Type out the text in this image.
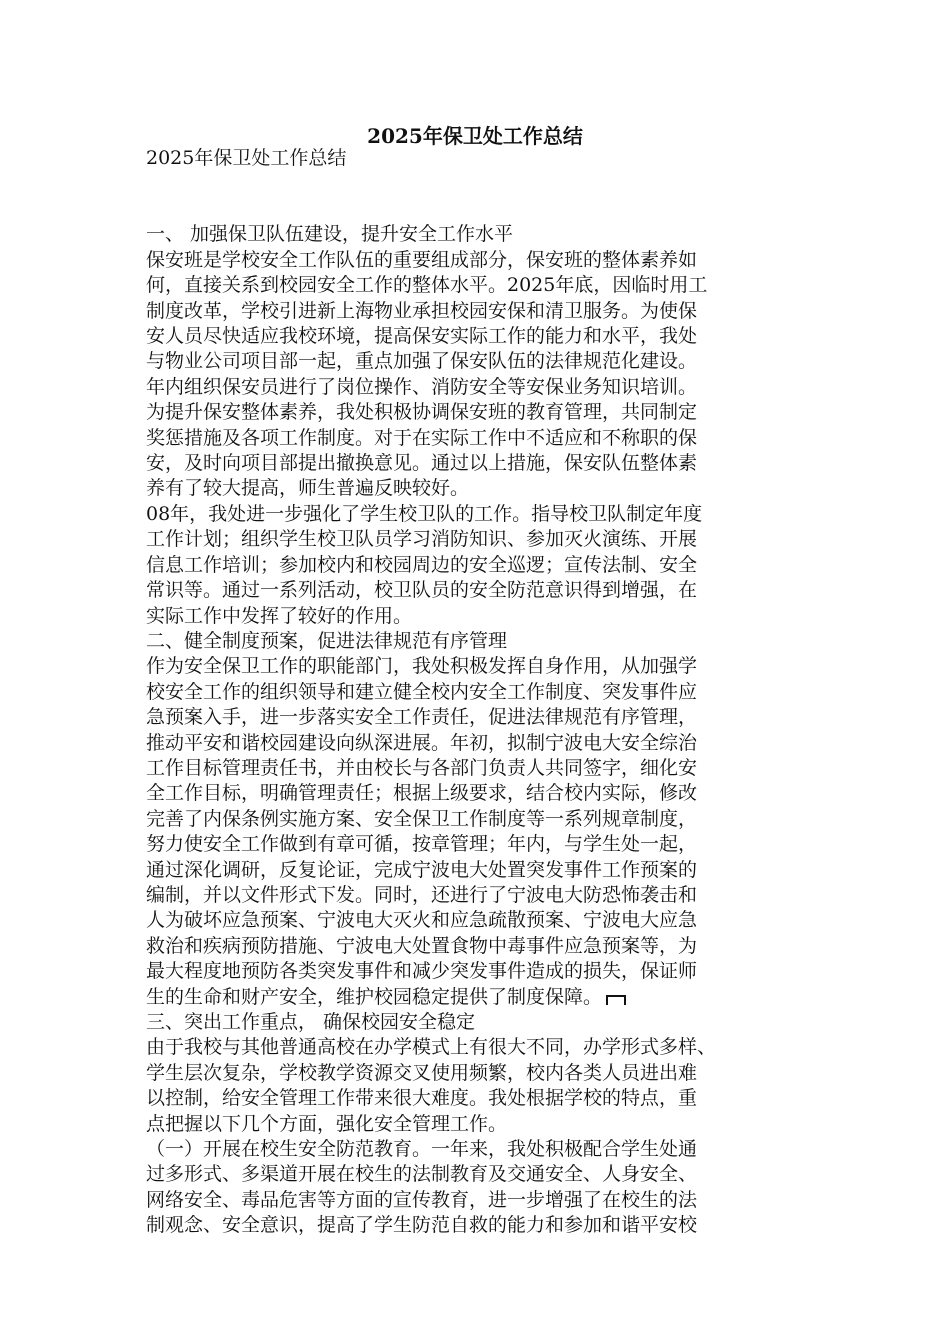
2025年保卫处工作总结

2025年保卫处工作总结

一、 加强保卫队伍建设，提升安全工作水平

保安班是学校安全工作队伍的重要组成部分，保安班的整体素养如

何，直接关系到校园安全工作的整体水平。2025年底，因临时用工

制度改革，学校引进新上海物业承担校园安保和清卫服务。为使保

安人员尽快适应我校环境，提高保安实际工作的能力和水平，我处

与物业公司项目部一起，重点加强了保安队伍的法律规范化建设。

年内组织保安员进行了岗位操作、消防安全等安保业务知识培训。

为提升保安整体素养，我处积极协调保安班的教育管理，共同制定

奖惩措施及各项工作制度。对于在实际工作中不适应和不称职的保

安，及时向项目部提出撤换意见。通过以上措施，保安队伍整体素

养有了较大提高，师生普遍反映较好。

08年，我处进一步强化了学生校卫队的工作。指导校卫队制定年度

工作计划；组织学生校卫队员学习消防知识、参加灭火演练、开展

信息工作培训；参加校内和校园周边的安全巡逻；宣传法制、安全

常识等。通过一系列活动，校卫队员的安全防范意识得到增强，在

实际工作中发挥了较好的作用。

二、健全制度预案，促进法律规范有序管理

作为安全保卫工作的职能部门，我处积极发挥自身作用，从加强学

校安全工作的组织领导和建立健全校内安全工作制度、突发事件应

急预案入手，进一步落实安全工作责任，促进法律规范有序管理，

推动平安和谐校园建设向纵深进展。年初，拟制宁波电大安全综治

工作目标管理责任书，并由校长与各部门负责人共同签字，细化安

全工作目标，明确管理责任；根据上级要求，结合校内实际，修改

完善了内保条例实施方案、安全保卫工作制度等一系列规章制度，

努力使安全工作做到有章可循，按章管理；年内，与学生处一起，

通过深化调研，反复论证，完成宁波电大处置突发事件工作预案的

编制，并以文件形式下发。同时，还进行了宁波电大防恐怖袭击和

人为破坏应急预案、宁波电大灭火和应急疏散预案、宁波电大应急

救治和疾病预防措施、宁波电大处置食物中毒事件应急预案等，为

最大程度地预防各类突发事件和减少突发事件造成的损失，保证师

生的生命和财产安全，维护校园稳定提供了制度保障。

三、突出工作重点， 确保校园安全稳定

由于我校与其他普通高校在办学模式上有很大不同，办学形式多样、

学生层次复杂，学校教学资源交叉使用频繁，校内各类人员进出难

以控制，给安全管理工作带来很大难度。我处根据学校的特点，重

点把握以下几个方面，强化安全管理工作。

（一）开展在校生安全防范教育。一年来，我处积极配合学生处通

过多形式、多渠道开展在校生的法制教育及交通安全、人身安全、

网络安全、毒品危害等方面的宣传教育，进一步增强了在校生的法

制观念、安全意识，提高了学生防范自救的能力和参加和谐平安校
